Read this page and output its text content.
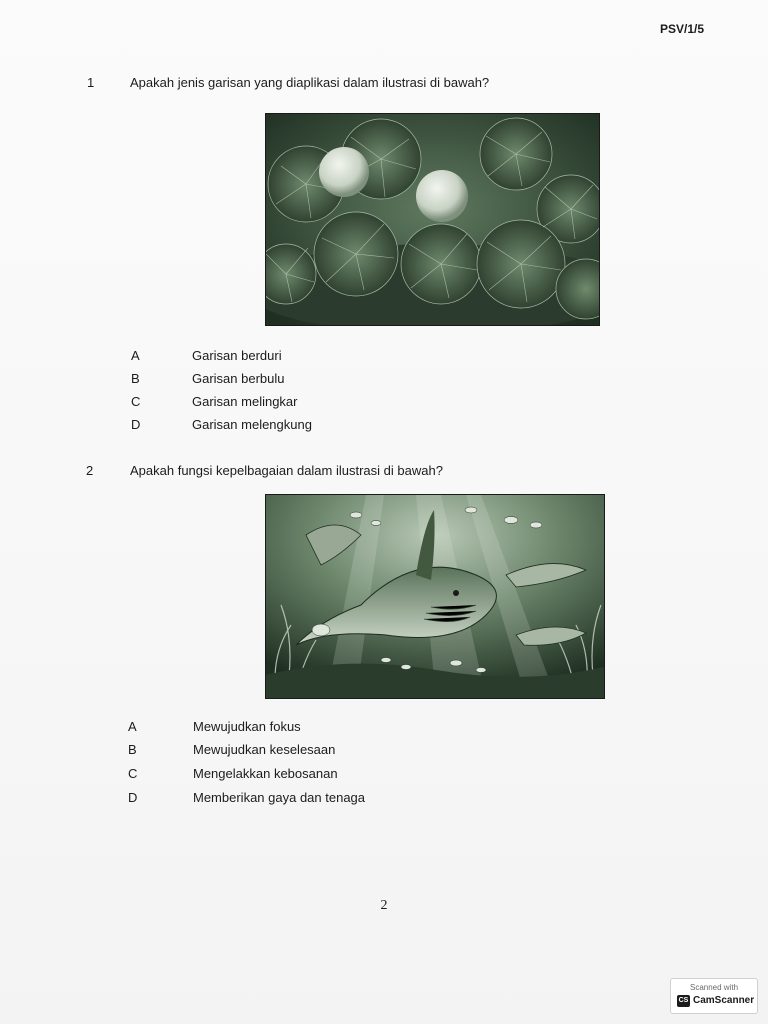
PSV/1/5
1	Apakah jenis garisan yang diaplikasi dalam ilustrasi di bawah?
A	Garisan berduri
B	Garisan berbulu
C	Garisan melingkar
D	Garisan melengkung
2	Apakah fungsi kepelbagaian dalam ilustrasi di bawah?
A	Mewujudkan fokus
B	Mewujudkan keselesaan
C	Mengelakkan kebosanan
D	Memberikan gaya dan tenaga
2
Scanned with
CS CamScanner
